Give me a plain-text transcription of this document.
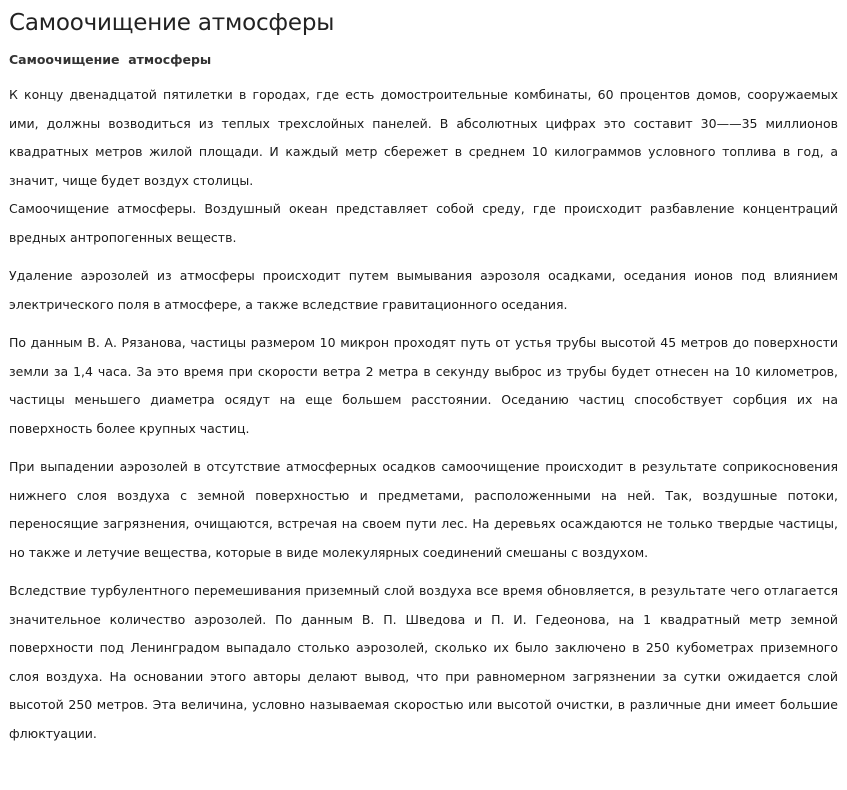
Самоочищение атмосферы
Самоочищение  атмосферы

К концу двенадцатой пятилетки в городах, где есть домостроительные комбинаты, 60 процентов домов, сооружаемых ими, должны возводиться из теплых трехслойных панелей. В абсолютных цифрах это составит 30——35 миллионов квадратных метров жилой площади. И каждый метр сбережет в среднем 10 килограммов условного топлива в год, а значит, чище будет воздух столицы.

Самоочищение атмосферы. Воздушный океан представляет собой среду, где происходит разбавление концентраций вредных антропогенных веществ.

Удаление аэрозолей из атмосферы происходит путем вымывания аэрозоля осадками, оседания ионов под влиянием электрического поля в атмосфере, а также вследствие гравитационного оседания.

По данным В. А. Рязанова, частицы размером 10 микрон проходят путь от устья трубы высотой 45 метров до поверхности земли за 1,4 часа. За это время при скорости ветра 2 метра в секунду выброс из трубы будет отнесен на 10 километров, частицы меньшего диаметра осядут на еще большем расстоянии. Оседанию частиц способствует сорбция их на поверхность более крупных частиц.

При выпадении аэрозолей в отсутствие атмосферных осадков самоочищение происходит в результате соприкосновения нижнего слоя воздуха с земной поверхностью и предметами, расположенными на ней. Так, воздушные потоки, переносящие загрязнения, очищаются, встречая на своем пути лес. На деревьях осаждаются не только твердые частицы, но также и летучие вещества, которые в виде молекулярных соединений смешаны с воздухом.

Вследствие турбулентного перемешивания приземный слой воздуха все время обновляется, в результате чего отлагается значительное количество аэрозолей. По данным В. П. Шведова и П. И. Гедеонова, на 1 квадратный метр земной поверхности под Ленинградом выпадало столько аэрозолей, сколько их было заключено в 250 кубометрах приземного слоя воздуха. На основании этого авторы делают вывод, что при равномерном загрязнении за сутки ожидается слой высотой 250 метров. Эта величина, условно называемая скоростью или высотой очистки, в различные дни имеет большие флюктуации.
